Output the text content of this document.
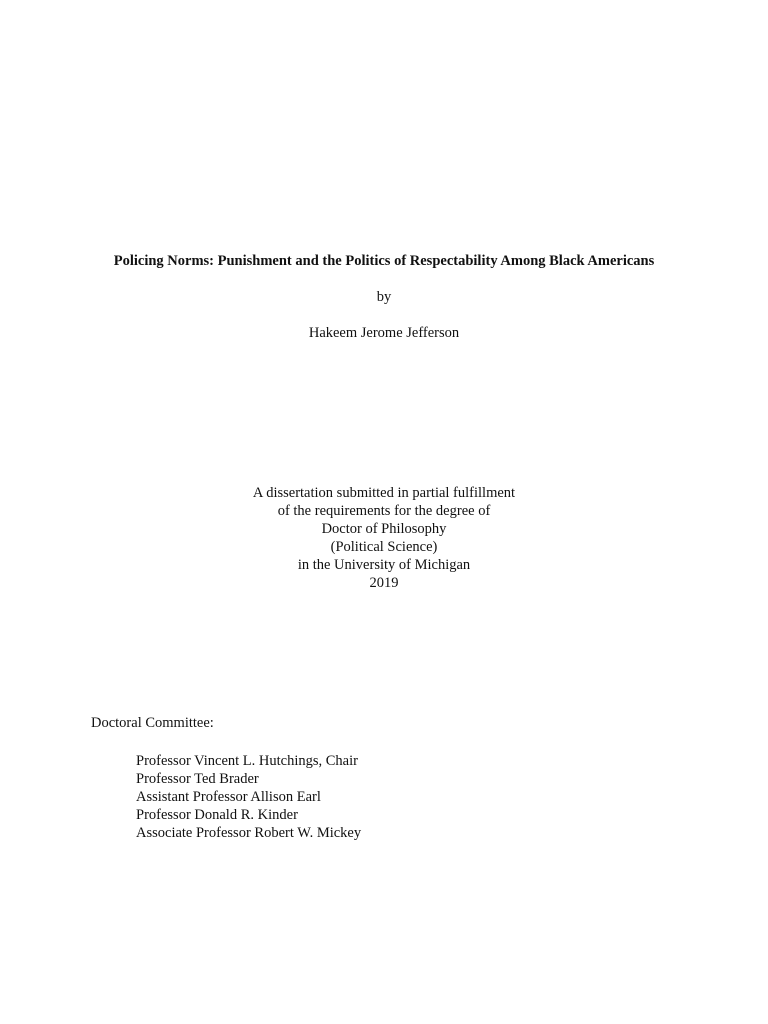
Policing Norms: Punishment and the Politics of Respectability Among Black Americans
by
Hakeem Jerome Jefferson
A dissertation submitted in partial fulfillment
of the requirements for the degree of
Doctor of Philosophy
(Political Science)
in the University of Michigan
2019
Doctoral Committee:
Professor Vincent L. Hutchings, Chair
Professor Ted Brader
Assistant Professor Allison Earl
Professor Donald R. Kinder
Associate Professor Robert W. Mickey
